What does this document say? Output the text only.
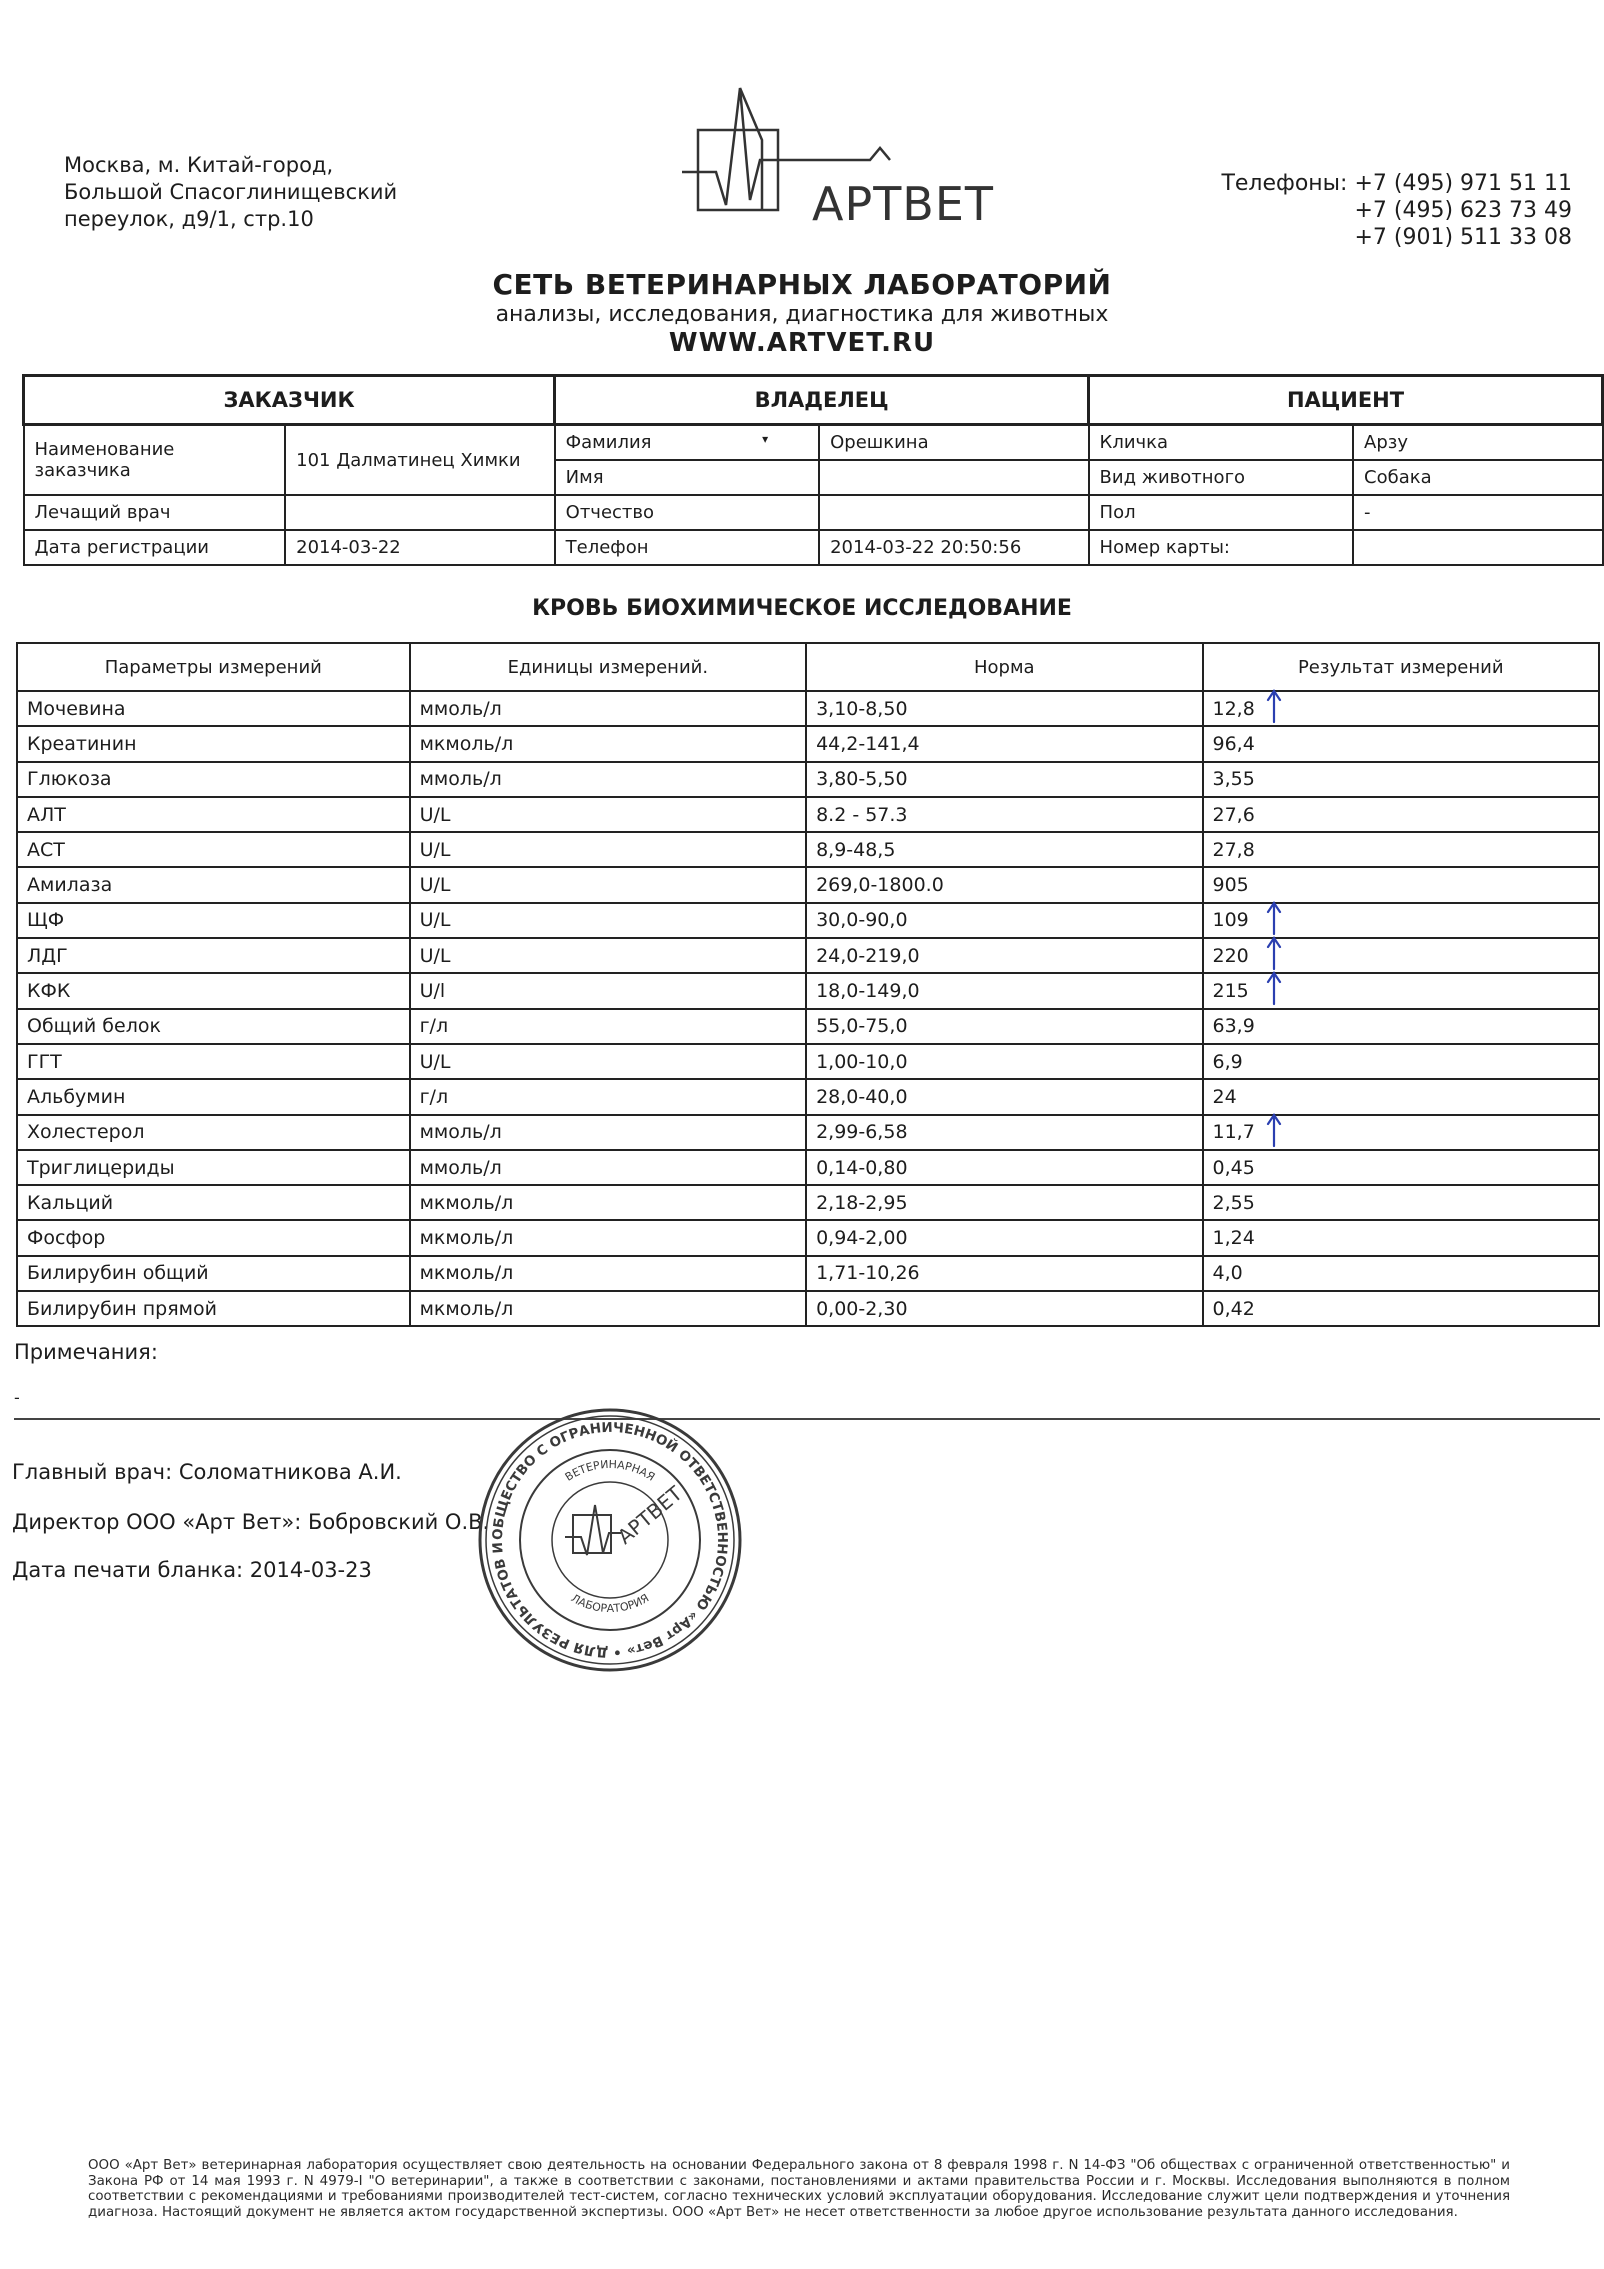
Москва, м. Китай-город,
Большой Спасоглинищевский
переулок, д9/1, стр.10	АРТВЕТ	Телефоны: +7 (495) 971 51 11
+7 (495) 623 73 49
+7 (901) 511 33 08
СЕТЬ ВЕТЕРИНАРНЫХ ЛАБОРАТОРИЙ
анализы, исследования, диагностика для животных
WWW.ARTVET.RU
ЗАКАЗЧИК		ВЛАДЕЛЕЦ		ПАЦИЕНТ	
Наименование заказчика	101 Далматинец Химки	Фамилия ▾	Орешкина	Кличка	Арзу
		Имя		Вид животного	Собака
Лечащий врач		Отчество		Пол	-
Дата регистрации	2014-03-22	Телефон	2014-03-22 20:50:56	Номер карты:	
КРОВЬ БИОХИМИЧЕСКОЕ ИССЛЕДОВАНИЕ
Параметры измерений	Единицы измерений.	Норма	Результат измерений
Мочевина	ммоль/л	3,10-8,50	12,8

Креатинин	мкмоль/л	44,2-141,4	96,4
Глюкоза	ммоль/л	3,80-5,50	3,55
АЛТ	U/L	8.2 - 57.3	27,6
АСТ	U/L	8,9-48,5	27,8
Амилаза	U/L	269,0-1800.0	905
ЩФ	U/L	30,0-90,0	109

ЛДГ	U/L	24,0-219,0	220

КФК	U/l	18,0-149,0	215

Общий белок	г/л	55,0-75,0	63,9
ГГТ	U/L	1,00-10,0	6,9
Альбумин	г/л	28,0-40,0	24
Холестерол	ммоль/л	2,99-6,58	11,7

Триглицериды	ммоль/л	0,14-0,80	0,45
Кальций	мкмоль/л	2,18-2,95	2,55
Фосфор	мкмоль/л	0,94-2,00	1,24
Билирубин общий	мкмоль/л	1,71-10,26	4,0
Билирубин прямой	мкмоль/л	0,00-2,30	0,42
Примечания:
-
Главный врач: Соломатникова А.И.
Директор ООО «Арт Вет»: Бобровский О.В.
Дата печати бланка: 2014-03-23
ОБЩЕСТВО С ОГРАНИЧЕННОЙ ОТВЕТСТВЕННОСТЬЮ «Арт Вет» • ДЛЯ РЕЗУЛЬТАТОВ И
ВЕТЕРИНАРНАЯ
ЛАБОРАТОРИЯ
АРТВЕТ
ООО «Арт Вет» ветеринарная лаборатория осуществляет свою деятельность на основании Федерального закона от 8 февраля 1998 г. N 14-ФЗ "Об обществах с ограниченной ответственностью" и Закона РФ от 14 мая 1993 г. N 4979-I "О ветеринарии", а также в соответствии с законами, постановлениями и актами правительства России и г. Москвы. Исследования выполняются в полном соответствии с рекомендациями и требованиями производителей тест-систем, согласно технических условий эксплуатации оборудования. Исследование служит цели подтверждения и уточнения диагноза. Настоящий документ не является актом государственной экспертизы. ООО «Арт Вет» не несет ответственности за любое другое использование результата данного исследования.
